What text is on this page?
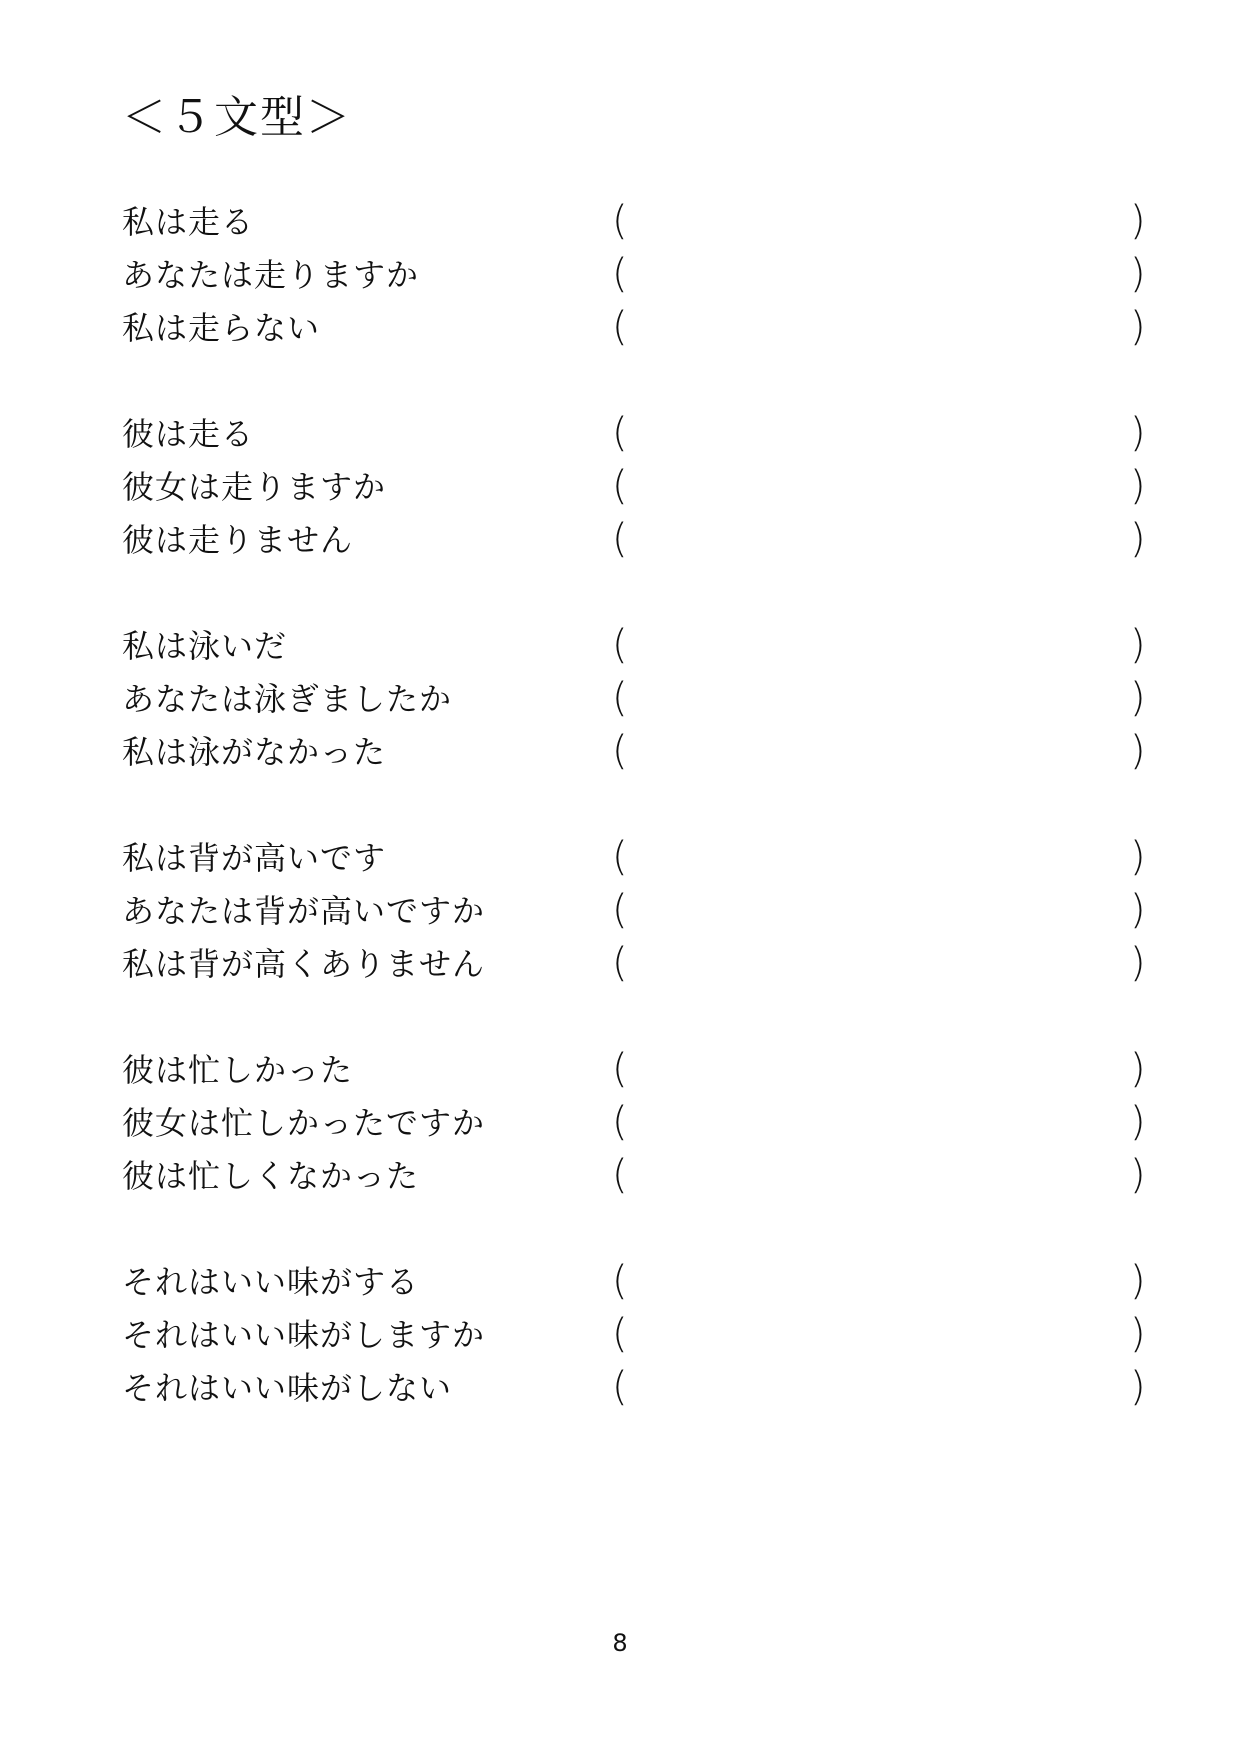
＜５文型＞
私は走る	(	)
あなたは走りますか	(	)
私は走らない	(	)
彼は走る	(	)
彼女は走りますか	(	)
彼は走りません	(	)
私は泳いだ	(	)
あなたは泳ぎましたか	(	)
私は泳がなかった	(	)
私は背が高いです	(	)
あなたは背が高いですか	(	)
私は背が高くありません	(	)
彼は忙しかった	(	)
彼女は忙しかったですか	(	)
彼は忙しくなかった	(	)
それはいい味がする	(	)
それはいい味がしますか	(	)
それはいい味がしない	(	)
8
